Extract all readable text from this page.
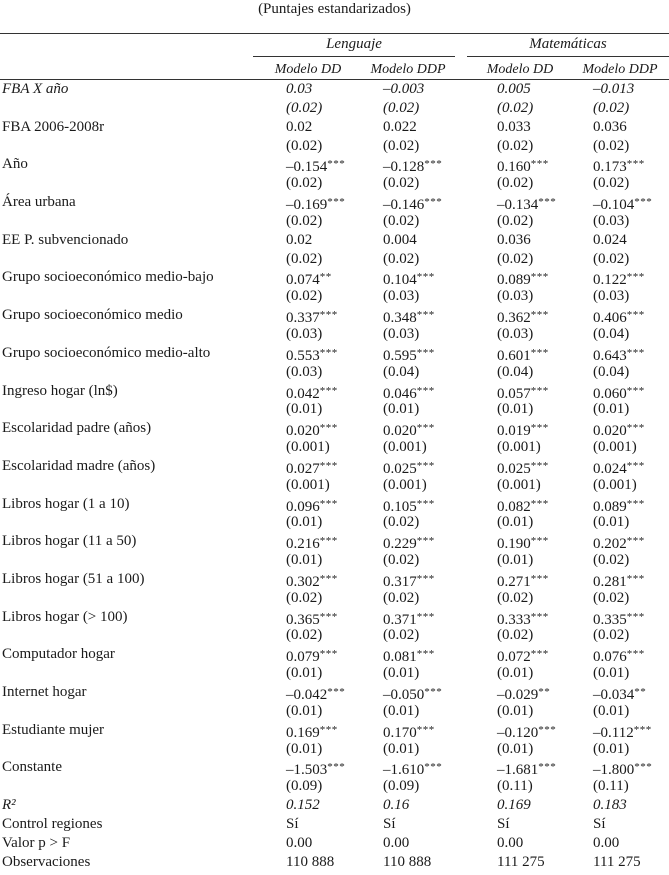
(Puntajes estandarizados)
Lenguaje	Matemáticas
Modelo DD	Modelo DDP	Modelo DD	Modelo DDP
FBA X año	0.03	–0.003	0.005	–0.013
(0.02)	(0.02)	(0.02)	(0.02)
FBA 2006-2008r	0.02	0.022	0.033	0.036
(0.02)	(0.02)	(0.02)	(0.02)
Año	–0.154***	–0.128***	0.160***	0.173***
(0.02)	(0.02)	(0.02)	(0.02)
Área urbana	–0.169***	–0.146***	–0.134*** –0.104***
(0.02)	(0.02)	(0.02)	(0.03)
EE P. subvencionado	0.02	0.004	0.036	0.024
(0.02)	(0.02)	(0.02)	(0.02)
Grupo socioeconómico medio-bajo	0.074**	0.104***	0.089***	0.122***
(0.02)	(0.03)	(0.03)	(0.03)
Grupo socioeconómico medio	0.337***	0.348***	0.362***	0.406***
(0.03)	(0.03)	(0.03)	(0.04)
Grupo socioeconómico medio-alto	0.553***	0.595***	0.601***	0.643***
(0.03)	(0.04)	(0.04)	(0.04)
Ingreso hogar (ln$)	0.042***	0.046***	0.057***	0.060***
(0.01)	(0.01)	(0.01)	(0.01)
Escolaridad padre (años)	0.020***	0.020***	0.019***	0.020***
(0.001)	(0.001)	(0.001)	(0.001)
Escolaridad madre (años)	0.027***	0.025***	0.025***	0.024***
(0.001)	(0.001)	(0.001)	(0.001)
Libros hogar (1 a 10)	0.096***	0.105***	0.082***	0.089***
(0.01)	(0.02)	(0.01)	(0.01)
Libros hogar (11 a 50)	0.216***	0.229***	0.190***	0.202***
(0.01)	(0.02)	(0.01)	(0.02)
Libros hogar (51 a 100)	0.302***	0.317***	0.271***	0.281***
(0.02)	(0.02)	(0.02)	(0.02)
Libros hogar (> 100)	0.365***	0.371***	0.333***	0.335***
(0.02)	(0.02)	(0.02)	(0.02)
Computador hogar	0.079***	0.081***	0.072***	0.076***
(0.01)	(0.01)	(0.01)	(0.01)
Internet hogar	–0.042***	–0.050***	–0.029**	–0.034**
(0.01)	(0.01)	(0.01)	(0.01)
Estudiante mujer	0.169***	0.170***	–0.120*** –0.112***
(0.01)	(0.01)	(0.01)	(0.01)
Constante	–1.503***	–1.610***	–1.681*** –1.800***
(0.09)	(0.09)	(0.11)	(0.11)
R²	0.152	0.16	0.169	0.183
Control regiones	Sí	Sí	Sí	Sí
Valor p > F	0.00	0.00	0.00	0.00
Observaciones	110 888	110 888	111 275	111 275
